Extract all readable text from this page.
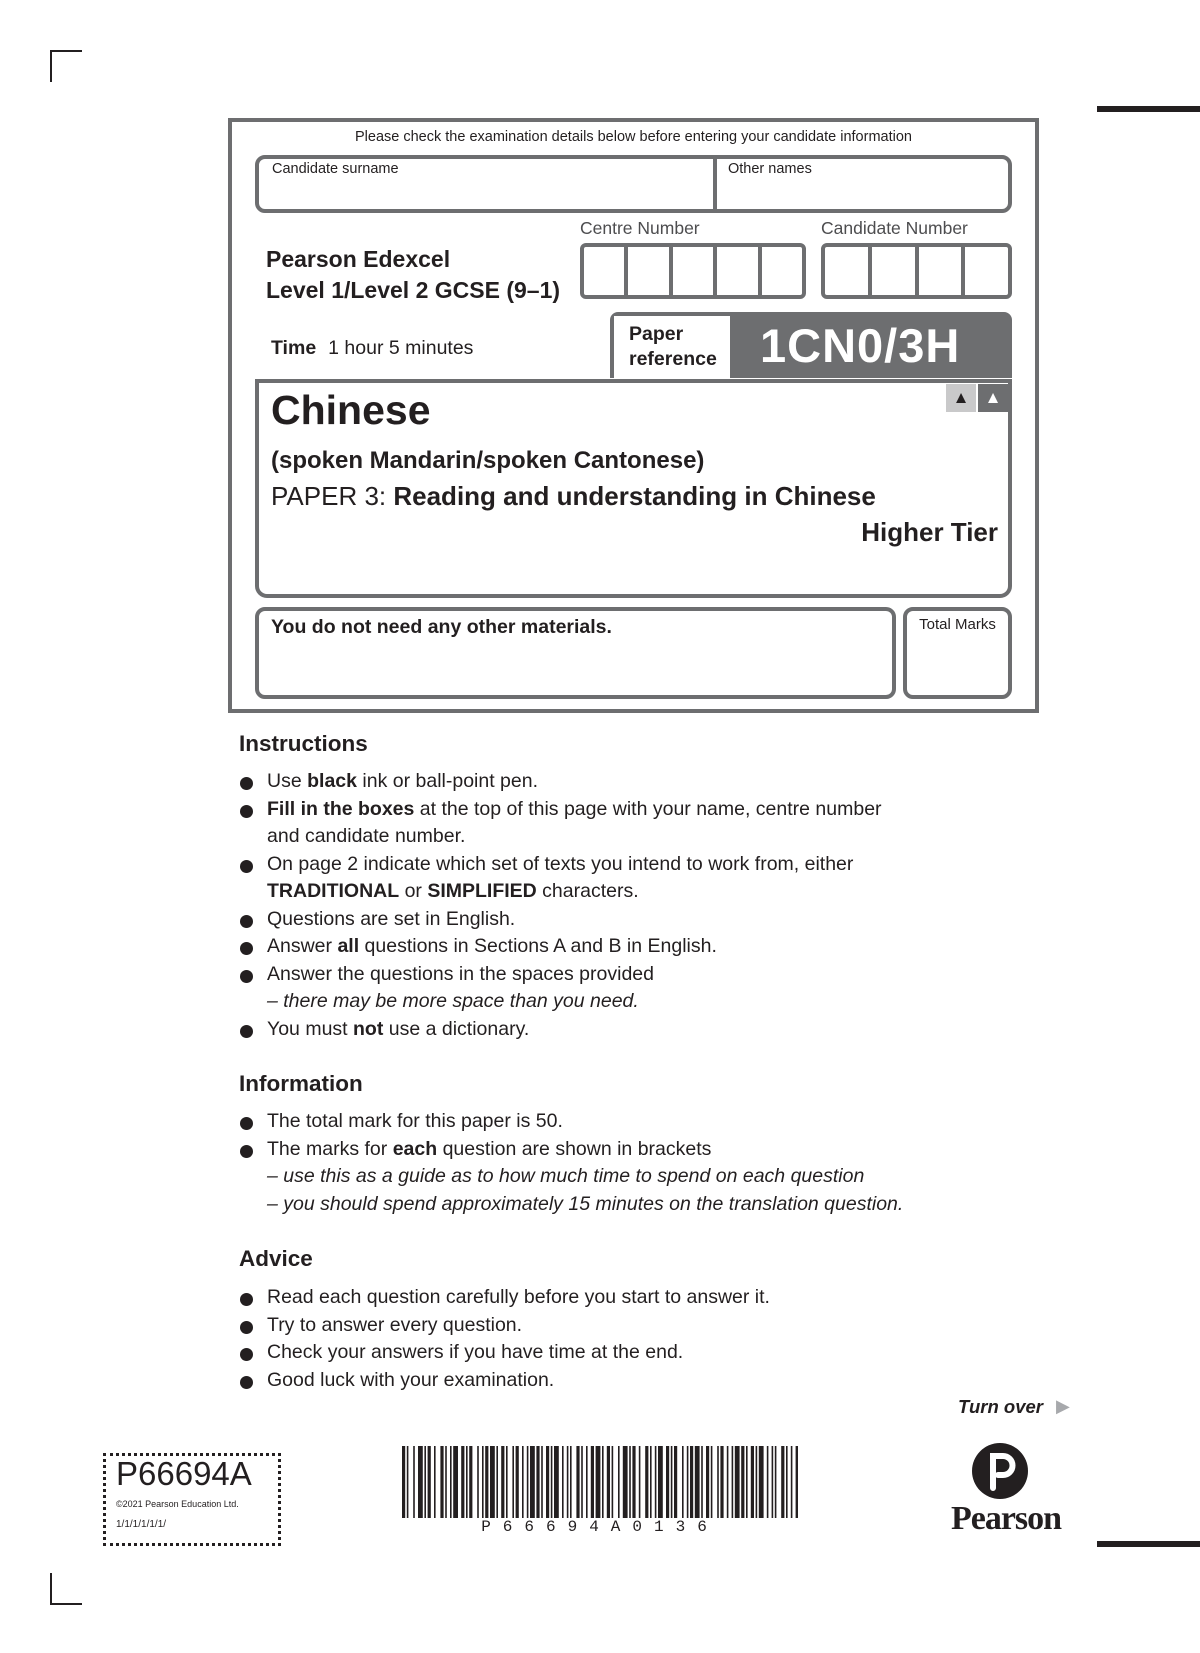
Please check the examination details below before entering your candidate information
Candidate surname	Other names
Centre Number	Candidate Number
Pearson Edexcel
Level 1/Level 2 GCSE (9–1)
Time 1 hour 5 minutes
Paper
reference 1CN0/3H
▲ ▲
Chinese
(spoken Mandarin/spoken Cantonese)
PAPER 3: Reading and understanding in Chinese
Higher Tier
You do not need any other materials.	Total Marks
Instructions
Use black ink or ball-point pen.
Fill in the boxes at the top of this page with your name, centre number
and candidate number.
On page 2 indicate which set of texts you intend to work from, either
TRADITIONAL or SIMPLIFIED characters.
Questions are set in English.
Answer all questions in Sections A and B in English.
Answer the questions in the spaces provided
– there may be more space than you need.
You must not use a dictionary.
Information
The total mark for this paper is 50.
The marks for each question are shown in brackets
– use this as a guide as to how much time to spend on each question
– you should spend approximately 15 minutes on the translation question.
Advice
Read each question carefully before you start to answer it.
Try to answer every question.
Check your answers if you have time at the end.
Good luck with your examination.
Turn over ▶
P66694A
©2021 Pearson Education Ltd.
1/1/1/1/1/1/	P66694A0136	Pearson
